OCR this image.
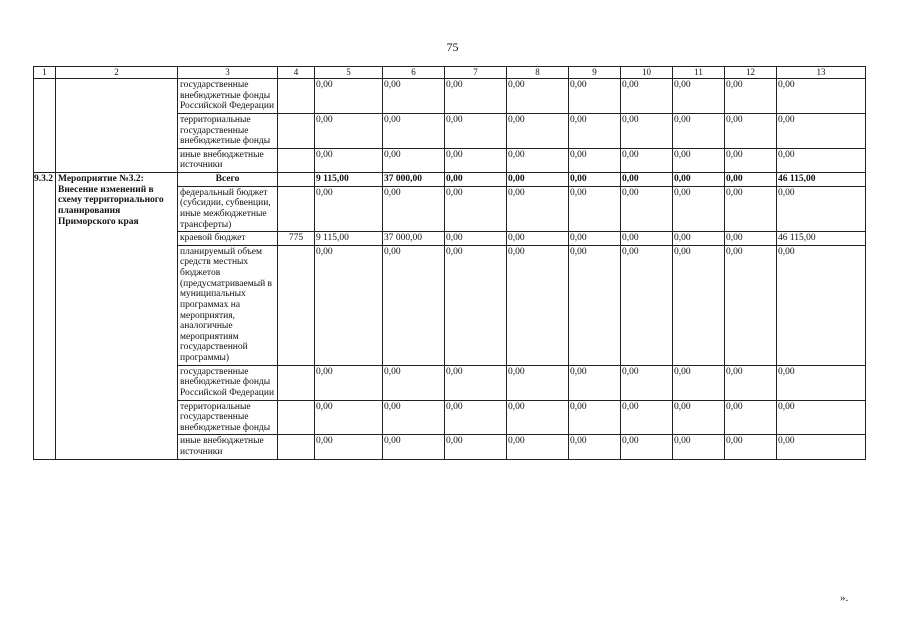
75
1	2	3	4	5	6	7	8	9	10	11	12	13
		государственные внебюджетные фонды Российской Федерации		0,00	0,00	0,00	0,00	0,00	0,00	0,00	0,00	0,00
		территориальные государственные внебюджетные фонды		0,00	0,00	0,00	0,00	0,00	0,00	0,00	0,00	0,00
		иные внебюджетные источники		0,00	0,00	0,00	0,00	0,00	0,00	0,00	0,00	0,00
9.3.2	Мероприятие №3.2: Внесение изменений в схему территориального планирования Приморского края	Всего		9 115,00	37 000,00	0,00	0,00	0,00	0,00	0,00	0,00	46 115,00
		федеральный бюджет (субсидии, субвенции, иные межбюджетные трансферты)		0,00	0,00	0,00	0,00	0,00	0,00	0,00	0,00	0,00
		краевой бюджет	775	9 115,00	37 000,00	0,00	0,00	0,00	0,00	0,00	0,00	46 115,00
		планируемый объем средств местных бюджетов (предусматриваемый в муниципальных программах на мероприятия, аналогичные мероприятиям государственной программы)		0,00	0,00	0,00	0,00	0,00	0,00	0,00	0,00	0,00
		государственные внебюджетные фонды Российской Федерации		0,00	0,00	0,00	0,00	0,00	0,00	0,00	0,00	0,00
		территориальные государственные внебюджетные фонды		0,00	0,00	0,00	0,00	0,00	0,00	0,00	0,00	0,00
		иные внебюджетные источники		0,00	0,00	0,00	0,00	0,00	0,00	0,00	0,00	0,00
».
